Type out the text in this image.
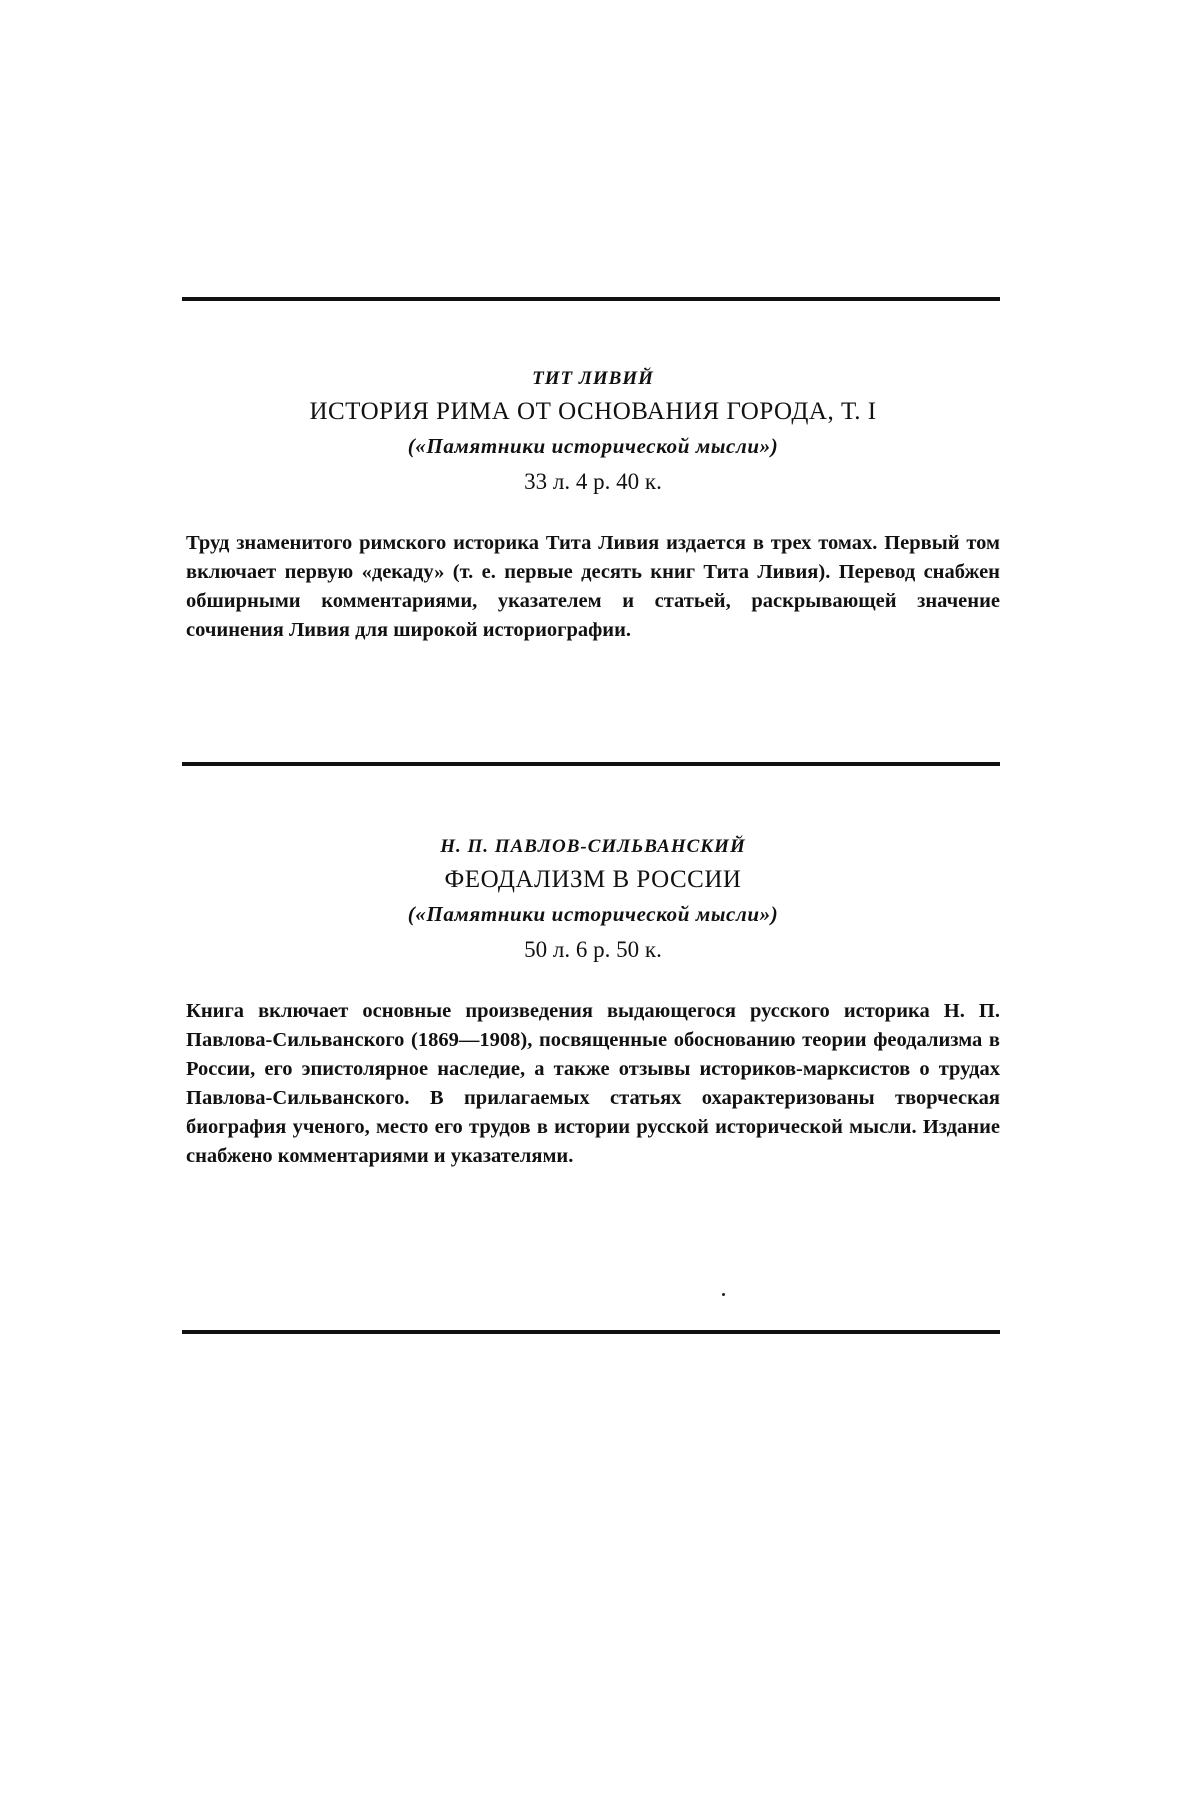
ТИТ ЛИВИЙ
ИСТОРИЯ РИМА ОТ ОСНОВАНИЯ ГОРОДА, Т. I
(«Памятники исторической мысли»)
33 л. 4 р. 40 к.

Труд знаменитого римского историка Тита Ливия издается в трех томах. Первый том включает первую «декаду» (т. е. первые десять книг Тита Ливия). Перевод снабжен обширными комментариями, указателем и статьей, раскрывающей значение сочинения Ливия для широкой историографии.

Н. П. ПАВЛОВ-СИЛЬВАНСКИЙ
ФЕОДАЛИЗМ В РОССИИ
(«Памятники исторической мысли»)
50 л. 6 р. 50 к.

Книга включает основные произведения выдающегося русского историка Н. П. Павлова-Сильванского (1869—1908), посвященные обоснованию теории феодализма в России, его эпистолярное наследие, а также отзывы историков-марксистов о трудах Павлова-Сильванского. В прилагаемых статьях охарактеризованы творческая биография ученого, место его трудов в истории русской исторической мысли. Издание снабжено комментариями и указателями.
